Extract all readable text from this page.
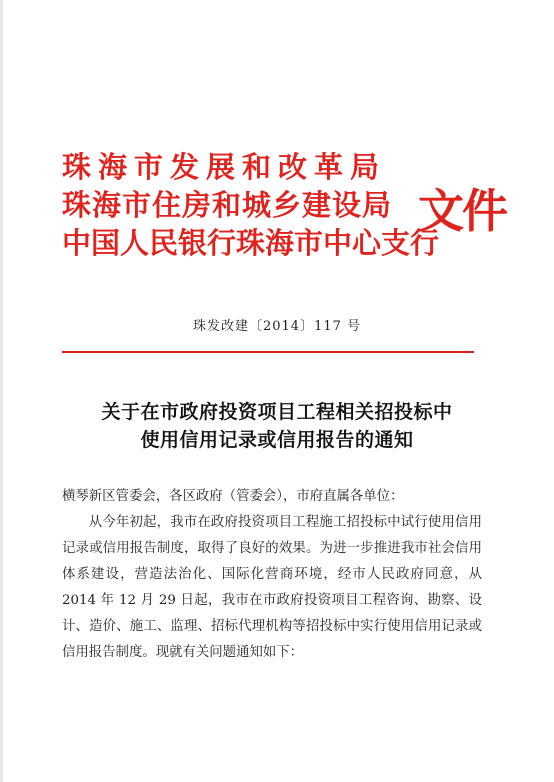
珠海市发展和改革局
珠海市住房和城乡建设局
中国人民银行珠海市中心支行
文件
珠发改建〔2014〕117 号
关于在市政府投资项目工程相关招投标中
使用信用记录或信用报告的通知

横琴新区管委会，各区政府（管委会），市府直属各单位：

从今年初起，我市在政府投资项目工程施工招投标中试行使用信用记录或信用报告制度，取得了良好的效果。为进一步推进我市社会信用体系建设，营造法治化、国际化营商环境，经市人民政府同意，从 2014 年 12 月 29 日起，我市在市政府投资项目工程咨询、勘察、设计、造价、施工、监理、招标代理机构等招投标中实行使用信用记录或信用报告制度。现就有关问题通知如下：
